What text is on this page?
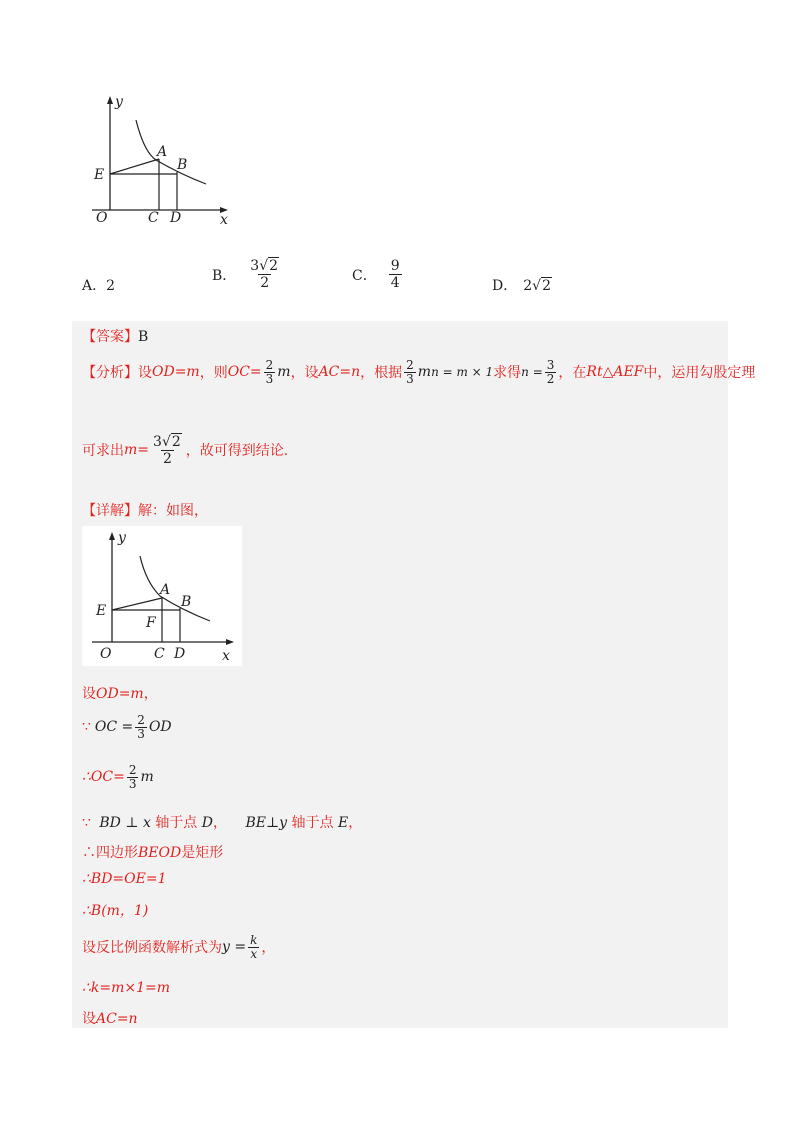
y
E
A
B
O	C D	x
A．2
B． $\frac{3√2}{2}$	C． $\frac{9}{4}$	D． 2√2
【答案】B
【分析】 设 OD=m ，则 $OC= \frac{2}{3}$ m ，设 AC=n ，根据 $\frac{2}{3}$ m n = m × 1 求得 $n = \frac{3}{2}$ ，在 Rt△AEF 中，运用勾股定理
可求出 $m= \frac{3√2}{2}$ ，故可得到结论.
【详解】解：如图，
y
E
A
B
F
O	C D	x
设OD=m，
∵ OC = $\frac{2}{3}$ OD
∴OC= $\frac{2}{3}$ m
∵ BD ⊥ x 轴于点 D， BE⊥y 轴于点 E，
∴四边形BEOD是矩形
∴BD=OE=1
∴B(m，1)
设反比例函数解析式为 $y = \frac{k}{x}$ ，
∴k=m×1=m
设AC=n
